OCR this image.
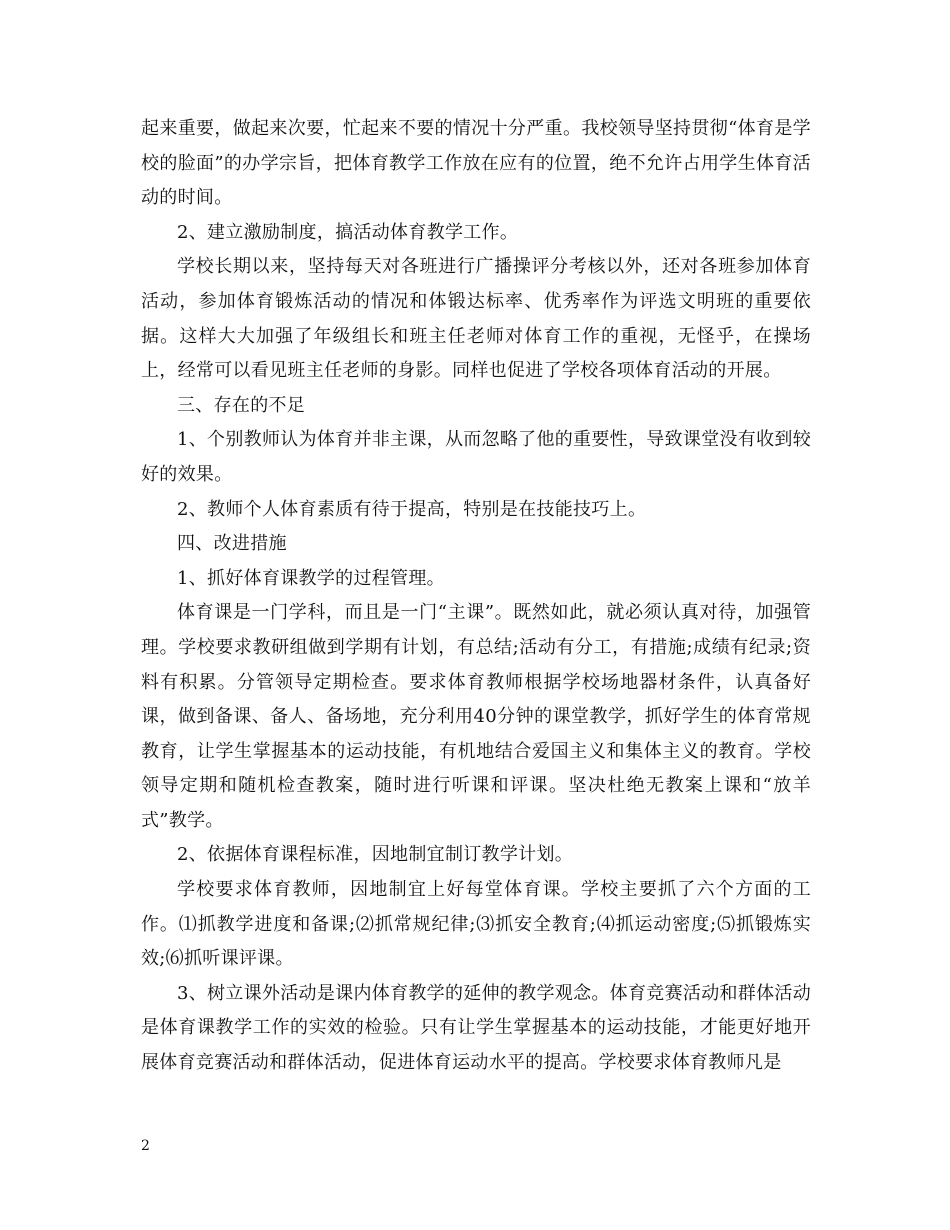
起来重要，做起来次要，忙起来不要的情况十分严重。我校领导坚持贯彻“体育是学校的脸面”的办学宗旨，把体育教学工作放在应有的位置，绝不允许占用学生体育活动的时间。

2、建立激励制度，搞活动体育教学工作。

学校长期以来，坚持每天对各班进行广播操评分考核以外，还对各班参加体育活动，参加体育锻炼活动的情况和体锻达标率、优秀率作为评选文明班的重要依据。这样大大加强了年级组长和班主任老师对体育工作的重视，无怪乎，在操场上，经常可以看见班主任老师的身影。同样也促进了学校各项体育活动的开展。

三、存在的不足

1、个别教师认为体育并非主课，从而忽略了他的重要性，导致课堂没有收到较好的效果。

2、教师个人体育素质有待于提高，特别是在技能技巧上。

四、改进措施

1、抓好体育课教学的过程管理。

体育课是一门学科，而且是一门“主课”。既然如此，就必须认真对待，加强管理。学校要求教研组做到学期有计划，有总结;活动有分工，有措施;成绩有纪录;资料有积累。分管领导定期检查。要求体育教师根据学校场地器材条件，认真备好课，做到备课、备人、备场地，充分利用40分钟的课堂教学，抓好学生的体育常规教育，让学生掌握基本的运动技能，有机地结合爱国主义和集体主义的教育。学校领导定期和随机检查教案，随时进行听课和评课。坚决杜绝无教案上课和“放羊式”教学。

2、依据体育课程标准，因地制宜制订教学计划。

学校要求体育教师，因地制宜上好每堂体育课。学校主要抓了六个方面的工作。⑴抓教学进度和备课;⑵抓常规纪律;⑶抓安全教育;⑷抓运动密度;⑸抓锻炼实效;⑹抓听课评课。

3、树立课外活动是课内体育教学的延伸的教学观念。体育竞赛活动和群体活动是体育课教学工作的实效的检验。只有让学生掌握基本的运动技能，才能更好地开展体育竞赛活动和群体活动，促进体育运动水平的提高。学校要求体育教师凡是

2
